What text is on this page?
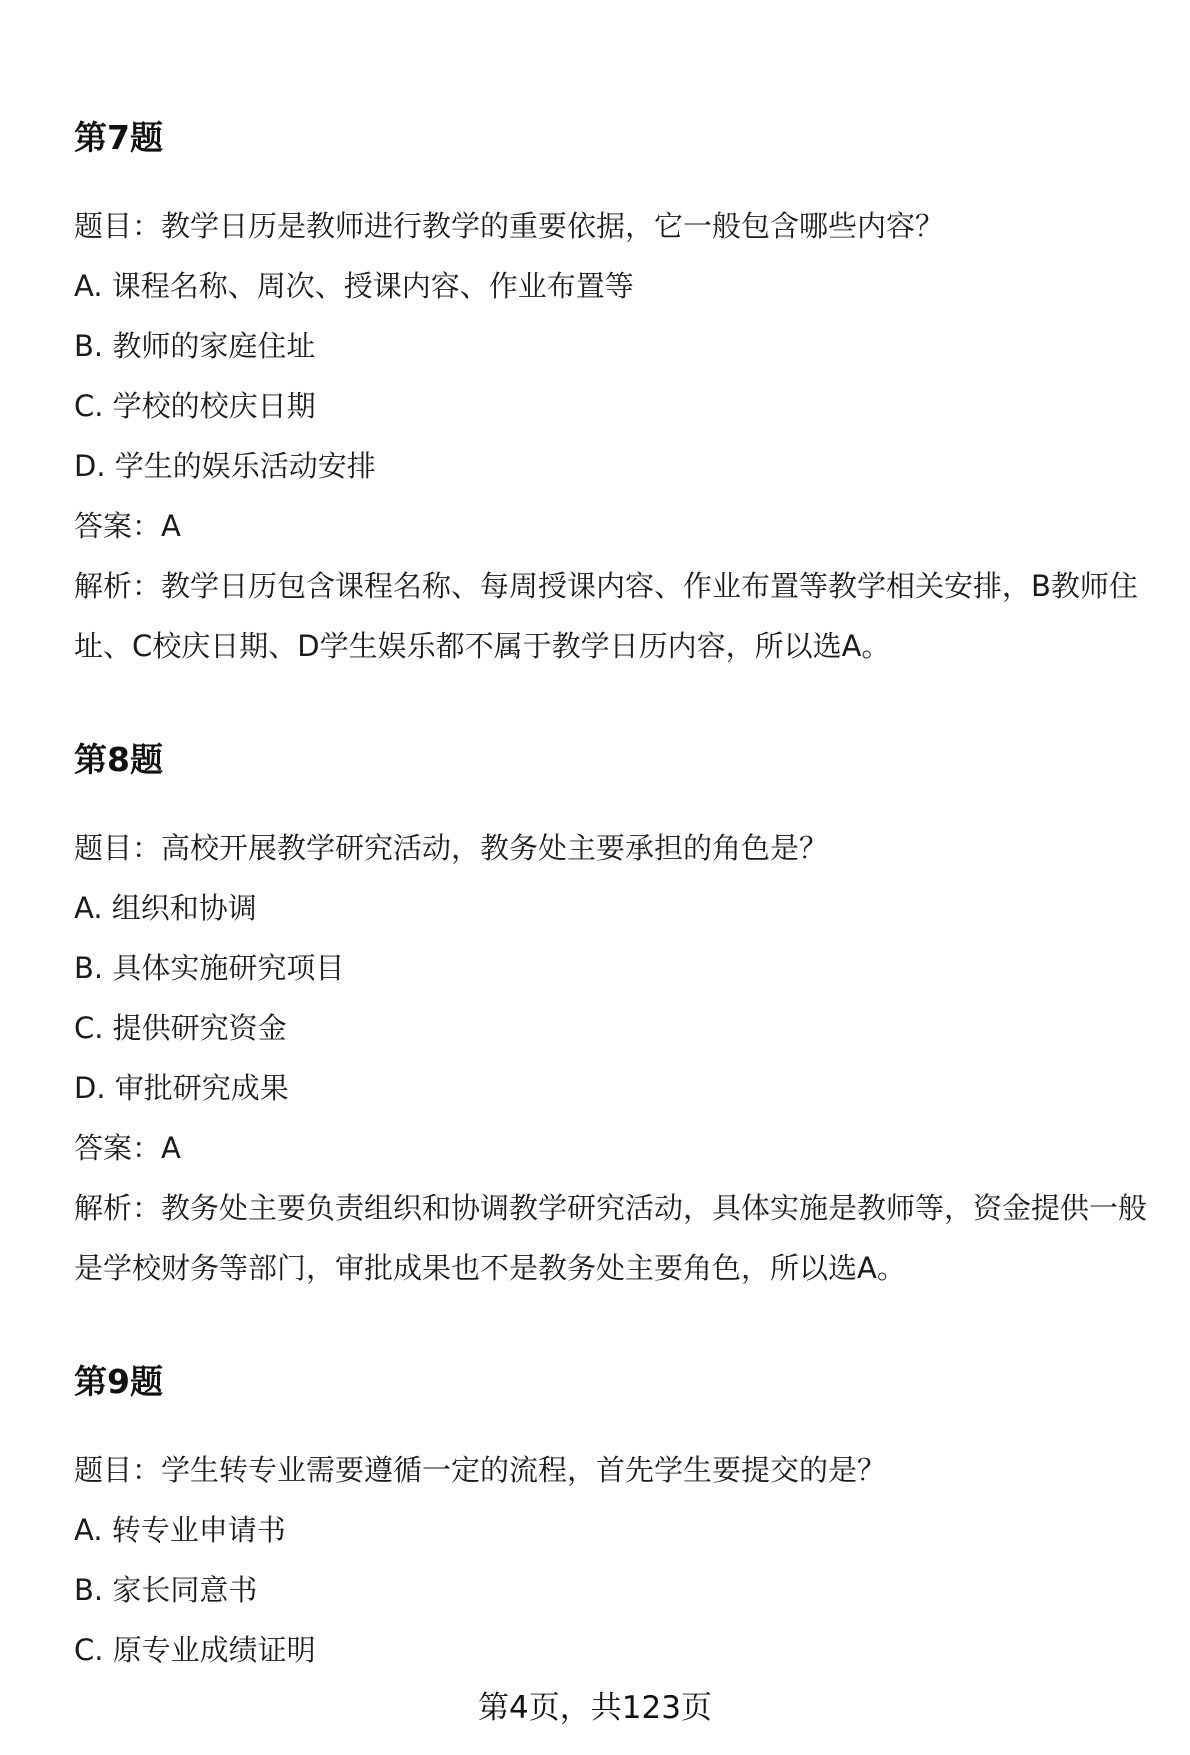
第7题
题目：教学日历是教师进行教学的重要依据，它一般包含哪些内容？
A. 课程名称、周次、授课内容、作业布置等
B. 教师的家庭住址
C. 学校的校庆日期
D. 学生的娱乐活动安排
答案：A
解析：教学日历包含课程名称、每周授课内容、作业布置等教学相关安排，B教师住址、C校庆日期、D学生娱乐都不属于教学日历内容，所以选A。
第8题
题目：高校开展教学研究活动，教务处主要承担的角色是？
A. 组织和协调
B. 具体实施研究项目
C. 提供研究资金
D. 审批研究成果
答案：A
解析：教务处主要负责组织和协调教学研究活动，具体实施是教师等，资金提供一般是学校财务等部门，审批成果也不是教务处主要角色，所以选A。
第9题
题目：学生转专业需要遵循一定的流程，首先学生要提交的是？
A. 转专业申请书
B. 家长同意书
C. 原专业成绩证明
第4页，共123页
